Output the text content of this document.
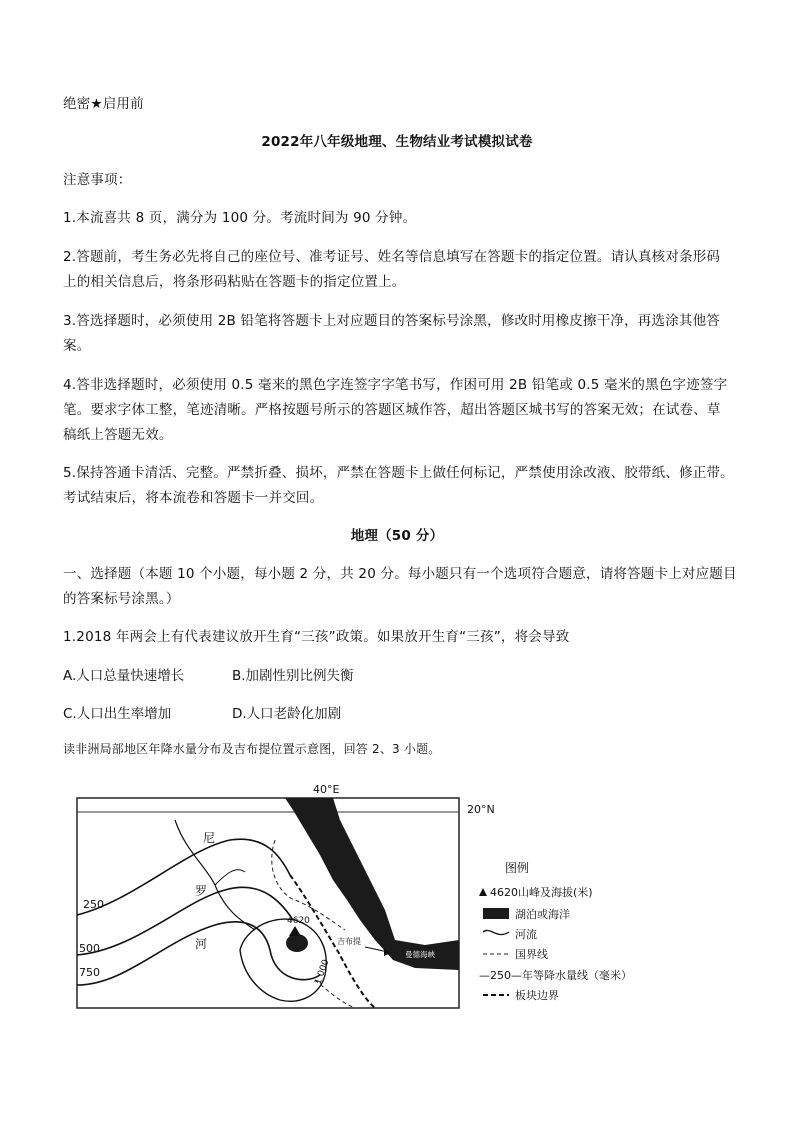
绝密★启用前
2022年八年级地理、生物结业考试模拟试卷
注意事项：
1.本流喜共 8 页，满分为 100 分。考流时间为 90 分钟。
2.答题前，考生务必先将自己的座位号、准考证号、姓名等信息填写在答题卡的指定位置。请认真核对条形码
上的相关信息后，将条形码粘贴在答题卡的指定位置上。
3.答选择题时，必须使用 2B 铅笔将答题卡上对应题目的答案标号涂黑，修改时用橡皮擦干净，再选涂其他答
案。
4.答非选择题时，必须使用 0.5 毫来的黑色字连签字字笔书写，作困可用 2B 铅笔或 0.5 毫米的黑色字迹签字
笔。要求字体工整，笔迹清晰。严格按题号所示的答题区城作答，超出答题区城书写的答案无效；在试卷、草
稿纸上答题无效。
5.保持答通卡清活、完整。严禁折叠、损坏，严禁在答题卡上做任何标记，严禁使用涂改液、胶带纸、修正带。
考试结束后，将本流卷和答题卡一并交回。
地理（50 分）
一、选择题（本题 10 个小题，每小题 2 分，共 20 分。每小题只有一个选项符合题意，请将答题卡上对应题目
的答案标号涂黑。）
1.2018 年两会上有代表建议放开生育“三孩”政策。如果放开生育“三孩”，将会导致
A.人口总量快速增长	B.加剧性别比例失衡
C.人口出生率增加	D.人口老龄化加剧
读非洲局部地区年降水量分布及吉布提位置示意图，回答 2、3 小题。
40°E
20°N
尼
罗
河
250
500
750	1 000
4620
吉布提
曼德海峡
图例
4620山峰及海拔(米)
湖泊或海洋
河流
国界线
—250—年等降水量线（毫米）
板块边界
